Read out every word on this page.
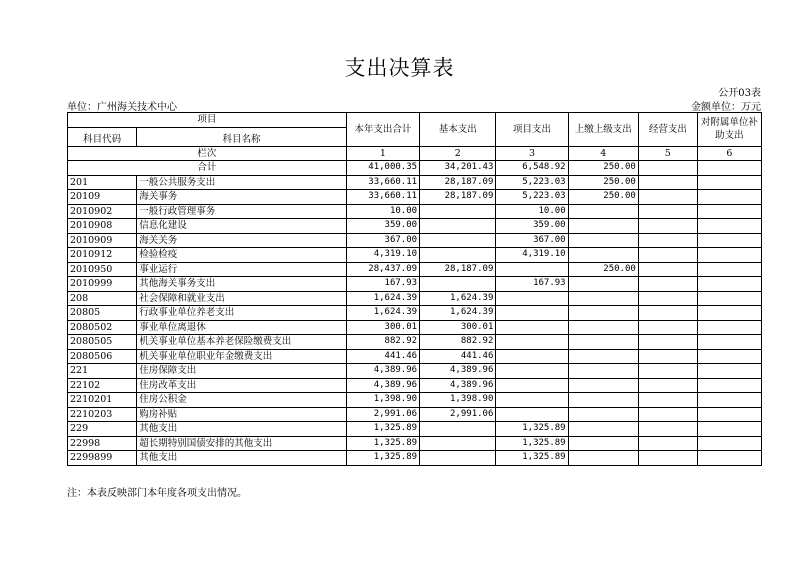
支出决算表
公开03表
单位：广州海关技术中心	金额单位：万元
项目		本年支出合计	基本支出	项目支出	上缴上级支出	经营支出	对附属单位补助支出
科目代码	科目名称						
栏次		1	2	3	4	5	6
合计		41,000.35	34,201.43	6,548.92	250.00		
201	一般公共服务支出	33,660.11	28,187.09	5,223.03	250.00		
20109	海关事务	33,660.11	28,187.09	5,223.03	250.00		
2010902	一般行政管理事务	10.00		10.00			
2010908	信息化建设	359.00		359.00			
2010909	海关关务	367.00		367.00			
2010912	检验检疫	4,319.10		4,319.10			
2010950	事业运行	28,437.09	28,187.09		250.00		
2010999	其他海关事务支出	167.93		167.93			
208	社会保障和就业支出	1,624.39	1,624.39				
20805	行政事业单位养老支出	1,624.39	1,624.39				
2080502	事业单位离退休	300.01	300.01				
2080505	机关事业单位基本养老保险缴费支出	882.92	882.92				
2080506	机关事业单位职业年金缴费支出	441.46	441.46				
221	住房保障支出	4,389.96	4,389.96				
22102	住房改革支出	4,389.96	4,389.96				
2210201	住房公积金	1,398.90	1,398.90				
2210203	购房补贴	2,991.06	2,991.06				
229	其他支出	1,325.89		1,325.89			
22998	超长期特别国债安排的其他支出	1,325.89		1,325.89			
2299899	其他支出	1,325.89		1,325.89			
注：本表反映部门本年度各项支出情况。
